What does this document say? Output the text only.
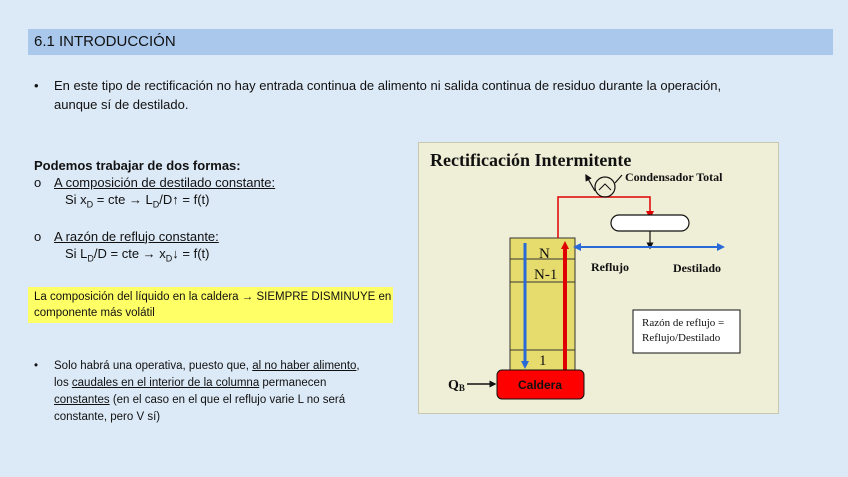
6.1 INTRODUCCIÓN
• En este tipo de rectificación no hay entrada continua de alimento ni salida continua de residuo durante la operación, aunque sí de destilado.
Podemos trabajar de dos formas:
o A composición de destilado constante:
Si $x_D$ = cte → $L_D/D↑ = f(t)$
o A razón de reflujo constante:
Si $L_D/D$ = cte → $x_D↓ = f(t)$
La composición del líquido en la caldera → SIEMPRE DISMINUYE en componente más volátil
• Solo habrá una operativa, puesto que, al no haber alimento, los caudales en el interior de la columna permanecen constantes (en el caso en el que el reflujo varie L no será constante, pero V sí)
Rectificación Intermitente
N
N-1
1
Condensador Total
Reflujo	Destilado
Razón de reflujo =
Reflujo/Destilado
Caldera
QB
